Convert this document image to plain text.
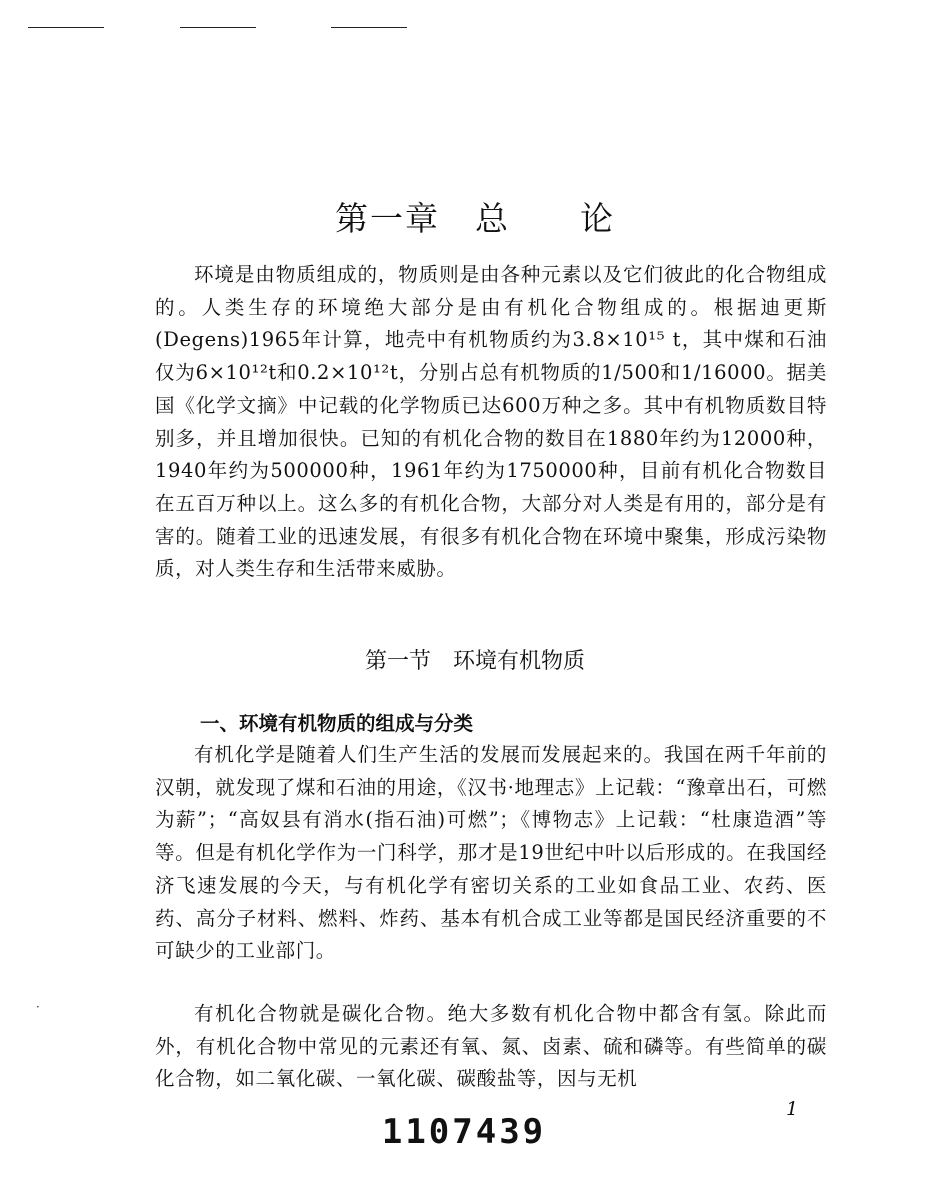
第一章　总　　论

环境是由物质组成的，物质则是由各种元素以及它们彼此的化合物组成的。人类生存的环境绝大部分是由有机化合物组成的。根据迪更斯(Degens)1965年计算，地壳中有机物质约为3.8×10¹⁵ t，其中煤和石油仅为6×10¹²t和0.2×10¹²t，分别占总有机物质的1/500和1/16000。据美国《化学文摘》中记载的化学物质已达600万种之多。其中有机物质数目特别多，并且增加很快。已知的有机化合物的数目在1880年约为12000种，1940年约为500000种，1961年约为1750000种，目前有机化合物数目在五百万种以上。这么多的有机化合物，大部分对人类是有用的，部分是有害的。随着工业的迅速发展，有很多有机化合物在环境中聚集，形成污染物质，对人类生存和生活带来威胁。

第一节　环境有机物质
一、环境有机物质的组成与分类

有机化学是随着人们生产生活的发展而发展起来的。我国在两千年前的汉朝，就发现了煤和石油的用途，《汉书·地理志》上记载：“豫章出石，可燃为薪”；“高奴县有消水(指石油)可燃”；《博物志》上记载：“杜康造酒”等等。但是有机化学作为一门科学，那才是19世纪中叶以后形成的。在我国经济飞速发展的今天，与有机化学有密切关系的工业如食品工业、农药、医药、高分子材料、燃料、炸药、基本有机合成工业等都是国民经济重要的不可缺少的工业部门。

有机化合物就是碳化合物。绝大多数有机化合物中都含有氢。除此而外，有机化合物中常见的元素还有氧、氮、卤素、硫和磷等。有些简单的碳化合物，如二氧化碳、一氧化碳、碳酸盐等，因与无机

·
1
1107439
